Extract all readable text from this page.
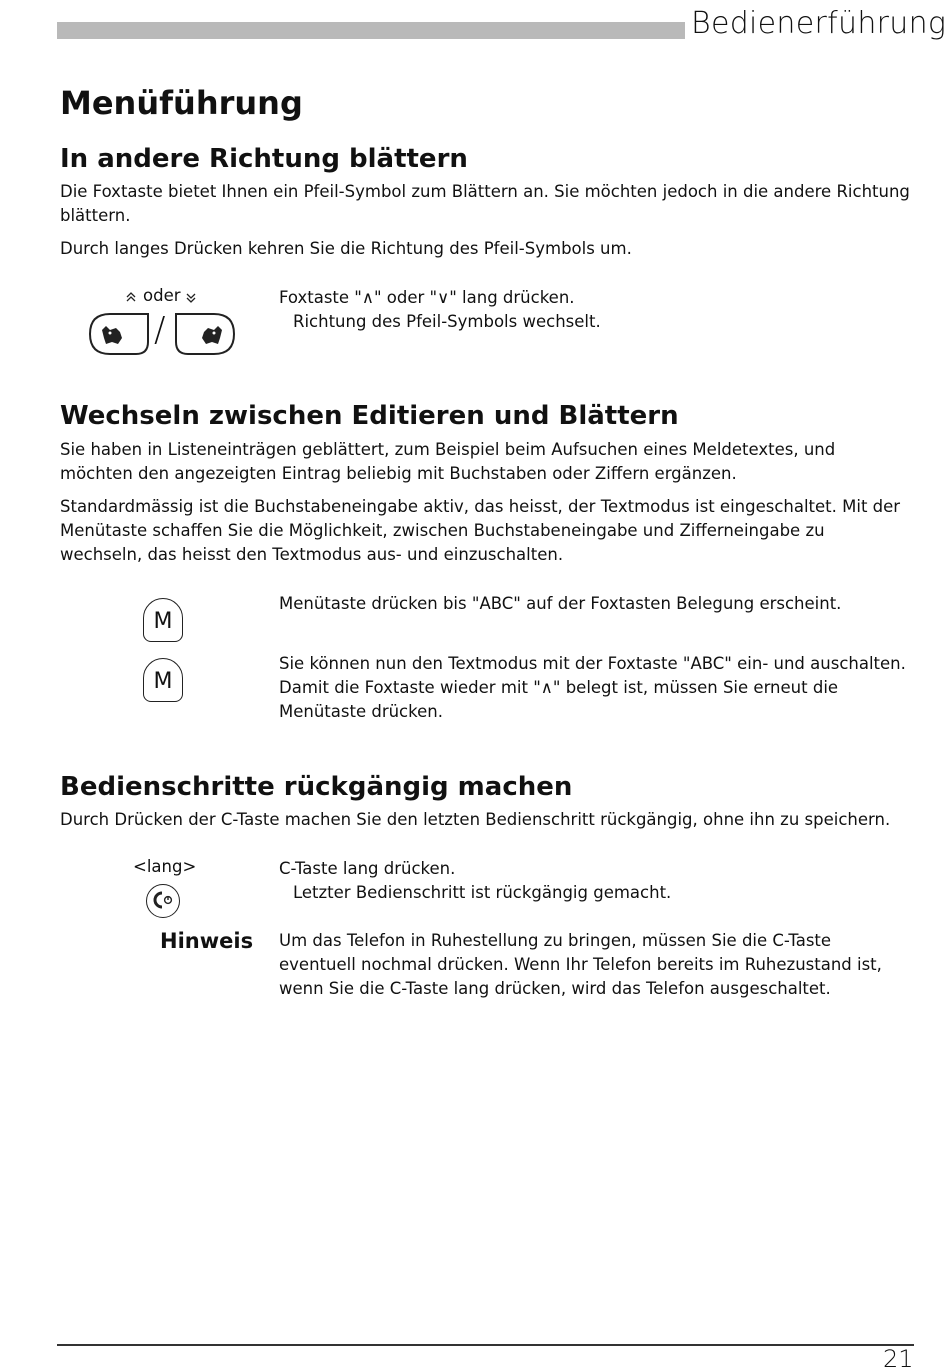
Bedienerführung
Menüführung
In andere Richtung blättern
Die Foxtaste bietet Ihnen ein Pfeil-Symbol zum Blättern an. Sie möchten jedoch in die andere Richtung blättern.
Durch langes Drücken kehren Sie die Richtung des Pfeil-Symbols um.
oder
/
Foxtaste "∧" oder "∨" lang drücken.
Richtung des Pfeil-Symbols wechselt.
Wechseln zwischen Editieren und Blättern
Sie haben in Listeneinträgen geblättert, zum Beispiel beim Aufsuchen eines Meldetextes, und möchten den angezeigten Eintrag beliebig mit Buchstaben oder Ziffern ergänzen.
Standardmässig ist die Buchstabeneingabe aktiv, das heisst, der Textmodus ist eingeschaltet. Mit der Menütaste schaffen Sie die Möglichkeit, zwischen Buchstabeneingabe und Zifferneingabe zu wechseln, das heisst den Textmodus aus- und einzuschalten.
M
Menütaste drücken bis "ABC" auf der Foxtasten Belegung erscheint.
M
Sie können nun den Textmodus mit der Foxtaste "ABC" ein- und auschalten. Damit die Foxtaste wieder mit "∧" belegt ist, müssen Sie erneut die Menütaste drücken.
Bedienschritte rückgängig machen
Durch Drücken der C-Taste machen Sie den letzten Bedienschritt rückgängig, ohne ihn zu speichern.
<lang>	C-Taste lang drücken.
Letzter Bedienschritt ist rückgängig gemacht.
Hinweis Um das Telefon in Ruhestellung zu bringen, müssen Sie die C-Taste eventuell nochmal drücken. Wenn Ihr Telefon bereits im Ruhezustand ist, wenn Sie die C-Taste lang drücken, wird das Telefon ausgeschaltet.
21
